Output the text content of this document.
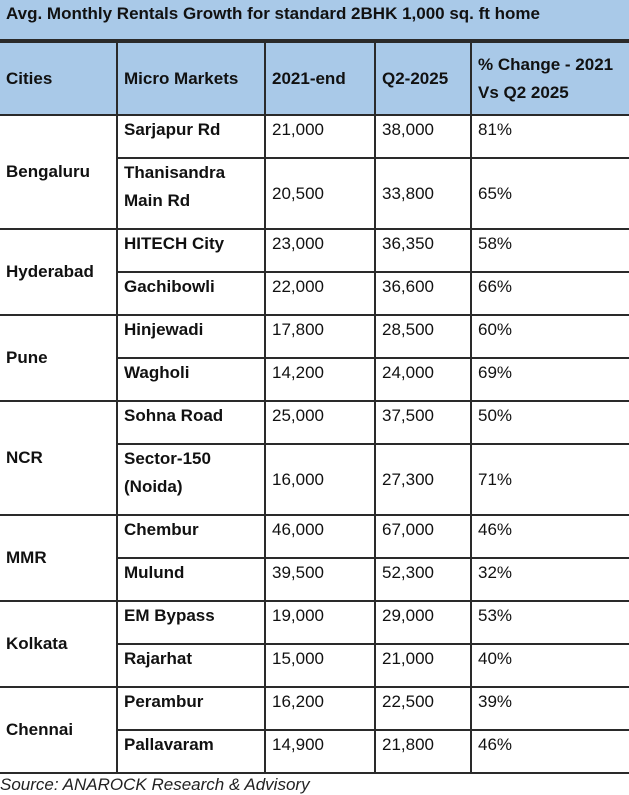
Avg. Monthly Rentals Growth for standard 2BHK 1,000 sq. ft home
Cities	Micro Markets	2021-end	Q2-2025	% Change - 2021 Vs Q2 2025
Bengaluru	Sarjapur Rd	21,000	38,000	81%
	Thanisandra Main Rd	20,500	33,800	65%
Hyderabad	HITECH City	23,000	36,350	58%
	Gachibowli	22,000	36,600	66%
Pune	Hinjewadi	17,800	28,500	60%
	Wagholi	14,200	24,000	69%
NCR	Sohna Road	25,000	37,500	50%
	Sector-150 (Noida)	16,000	27,300	71%
MMR	Chembur	46,000	67,000	46%
	Mulund	39,500	52,300	32%
Kolkata	EM Bypass	19,000	29,000	53%
	Rajarhat	15,000	21,000	40%
Chennai	Perambur	16,200	22,500	39%
	Pallavaram	14,900	21,800	46%
Source: ANAROCK Research & Advisory
